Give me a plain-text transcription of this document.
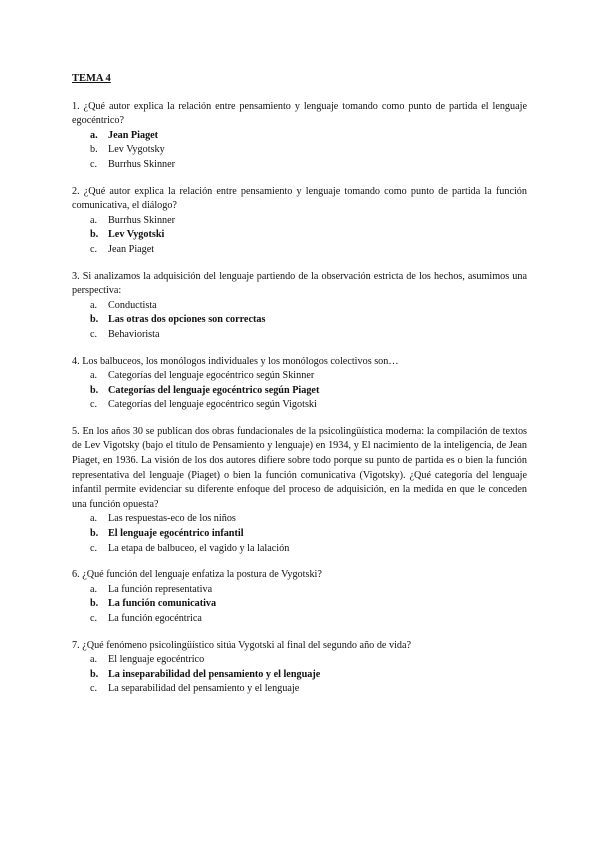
TEMA 4

1. ¿Qué autor explica la relación entre pensamiento y lenguaje tomando como punto de partida el lenguaje egocéntrico?

a.	Jean Piaget
b.	Lev Vygotsky
c.	Burrhus Skinner

2. ¿Qué autor explica la relación entre pensamiento y lenguaje tomando como punto de partida la función comunicativa, el diálogo?

a.	Burrhus Skinner
b. Lev Vygotski
c.	Jean Piaget

3. Si analizamos la adquisición del lenguaje partiendo de la observación estricta de los hechos, asumimos una perspectiva:

a.	Conductista
b. Las otras dos opciones son correctas
c.	Behaviorista

4. Los balbuceos, los monólogos individuales y los monólogos colectivos son…

a.	Categorías del lenguaje egocéntrico según Skinner
b. Categorías del lenguaje egocéntrico según Piaget
c.	Categorías del lenguaje egocéntrico según Vigotski

5. En los años 30 se publican dos obras fundacionales de la psicolingüística moderna: la compilación de textos de Lev Vigotsky (bajo el título de Pensamiento y lenguaje) en 1934, y El nacimiento de la inteligencia, de Jean Piaget, en 1936. La visión de los dos autores difiere sobre todo porque su punto de partida es o bien la función representativa del lenguaje (Piaget) o bien la función comunicativa (Vigotsky). ¿Qué categoría del lenguaje infantil permite evidenciar su diferente enfoque del proceso de adquisición, en la medida en que le conceden una función opuesta?

a.	Las respuestas-eco de los niños
b. El lenguaje egocéntrico infantil
c.	La etapa de balbuceo, el vagido y la lalación

6. ¿Qué función del lenguaje enfatiza la postura de Vygotski?

a.	La función representativa
b. La función comunicativa
c.	La función egocéntrica

7. ¿Qué fenómeno psicolingüístico sitúa Vygotski al final del segundo año de vida?

a.	El lenguaje egocéntrico
b. La inseparabilidad del pensamiento y el lenguaje
c.	La separabilidad del pensamiento y el lenguaje
